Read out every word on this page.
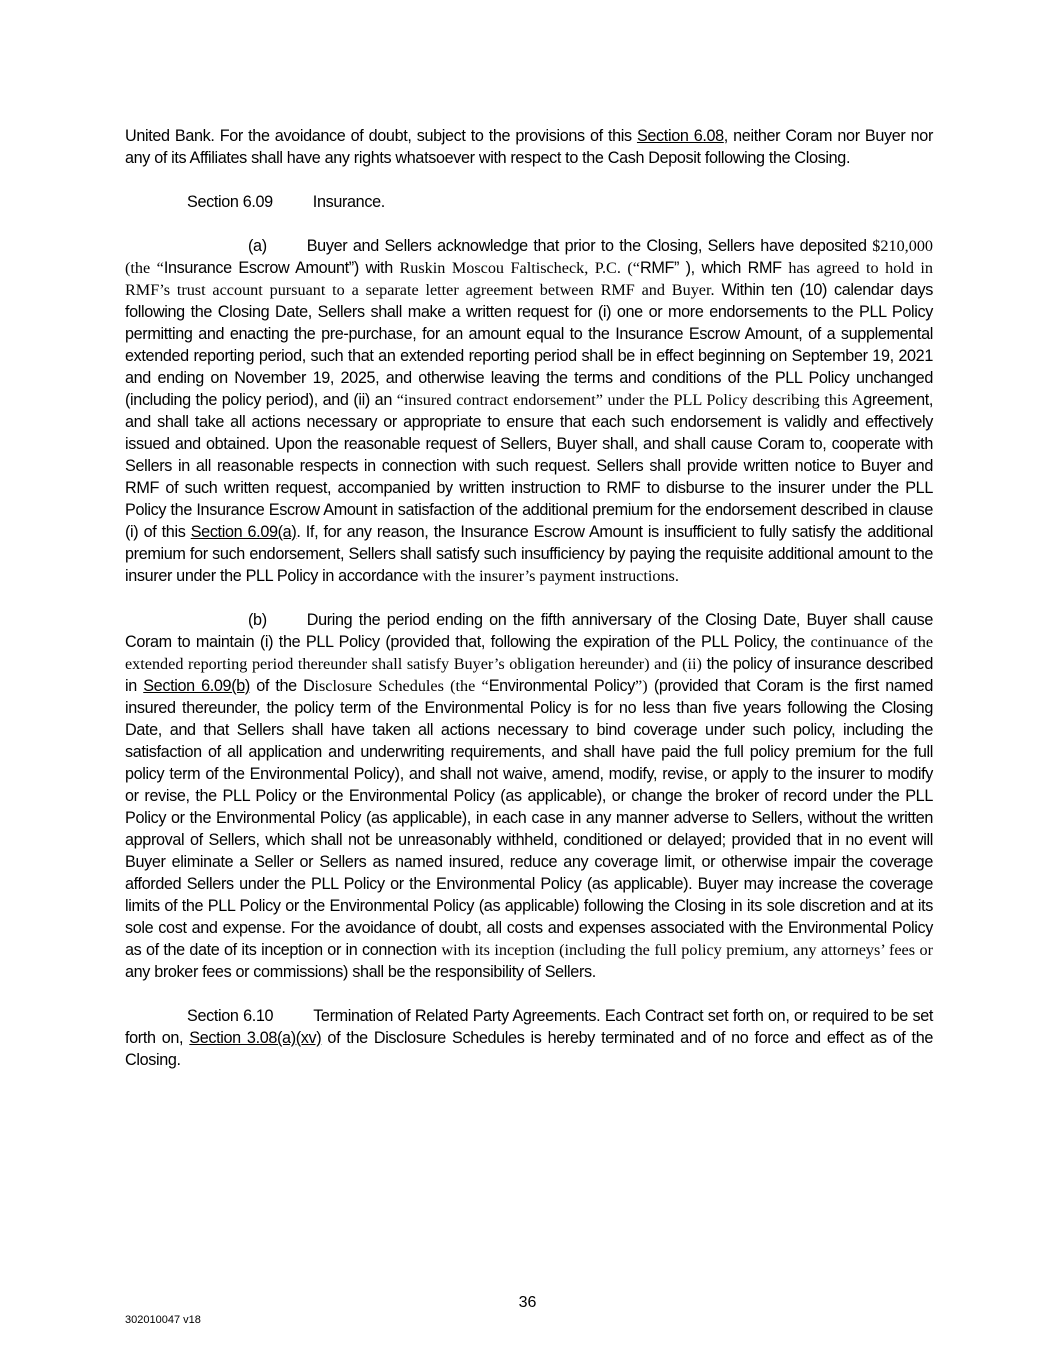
United Bank. For the avoidance of doubt, subject to the provisions of this Section 6.08, neither Coram nor Buyer nor any of its Affiliates shall have any rights whatsoever with respect to the Cash Deposit following the Closing.

Section 6.09 Insurance.

(a) Buyer and Sellers acknowledge that prior to the Closing, Sellers have deposited $210,000 (the “Insurance Escrow Amount”) with Ruskin Moscou Faltischeck, P.C. (“RMF” ), which RMF has agreed to hold in RMF’s trust account pursuant to a separate letter agreement between RMF and Buyer. Within ten (10) calendar days following the Closing Date, Sellers shall make a written request for (i) one or more endorsements to the PLL Policy permitting and enacting the pre-purchase, for an amount equal to the Insurance Escrow Amount, of a supplemental extended reporting period, such that an extended reporting period shall be in effect beginning on September 19, 2021 and ending on November 19, 2025, and otherwise leaving the terms and conditions of the PLL Policy unchanged (including the policy period), and (ii) an “insured contract endorsement” under the PLL Policy describing this Agreement, and shall take all actions necessary or appropriate to ensure that each such endorsement is validly and effectively issued and obtained. Upon the reasonable request of Sellers, Buyer shall, and shall cause Coram to, cooperate with Sellers in all reasonable respects in connection with such request. Sellers shall provide written notice to Buyer and RMF of such written request, accompanied by written instruction to RMF to disburse to the insurer under the PLL Policy the Insurance Escrow Amount in satisfaction of the additional premium for the endorsement described in clause (i) of this Section 6.09(a). If, for any reason, the Insurance Escrow Amount is insufficient to fully satisfy the additional premium for such endorsement, Sellers shall satisfy such insufficiency by paying the requisite additional amount to the insurer under the PLL Policy in accordance with the insurer’s payment instructions.

(b) During the period ending on the fifth anniversary of the Closing Date, Buyer shall cause Coram to maintain (i) the PLL Policy (provided that, following the expiration of the PLL Policy, the continuance of the extended reporting period thereunder shall satisfy Buyer’s obligation hereunder) and (ii) the policy of insurance described in Section 6.09(b) of the Disclosure Schedules (the “Environmental Policy”) (provided that Coram is the first named insured thereunder, the policy term of the Environmental Policy is for no less than five years following the Closing Date, and that Sellers shall have taken all actions necessary to bind coverage under such policy, including the satisfaction of all application and underwriting requirements, and shall have paid the full policy premium for the full policy term of the Environmental Policy), and shall not waive, amend, modify, revise, or apply to the insurer to modify or revise, the PLL Policy or the Environmental Policy (as applicable), or change the broker of record under the PLL Policy or the Environmental Policy (as applicable), in each case in any manner adverse to Sellers, without the written approval of Sellers, which shall not be unreasonably withheld, conditioned or delayed; provided that in no event will Buyer eliminate a Seller or Sellers as named insured, reduce any coverage limit, or otherwise impair the coverage afforded Sellers under the PLL Policy or the Environmental Policy (as applicable). Buyer may increase the coverage limits of the PLL Policy or the Environmental Policy (as applicable) following the Closing in its sole discretion and at its sole cost and expense. For the avoidance of doubt, all costs and expenses associated with the Environmental Policy as of the date of its inception or in connection with its inception (including the full policy premium, any attorneys’ fees or any broker fees or commissions) shall be the responsibility of Sellers.

Section 6.10 Termination of Related Party Agreements. Each Contract set forth on, or required to be set forth on, Section 3.08(a)(xv) of the Disclosure Schedules is hereby terminated and of no force and effect as of the Closing.

36
302010047 v18
